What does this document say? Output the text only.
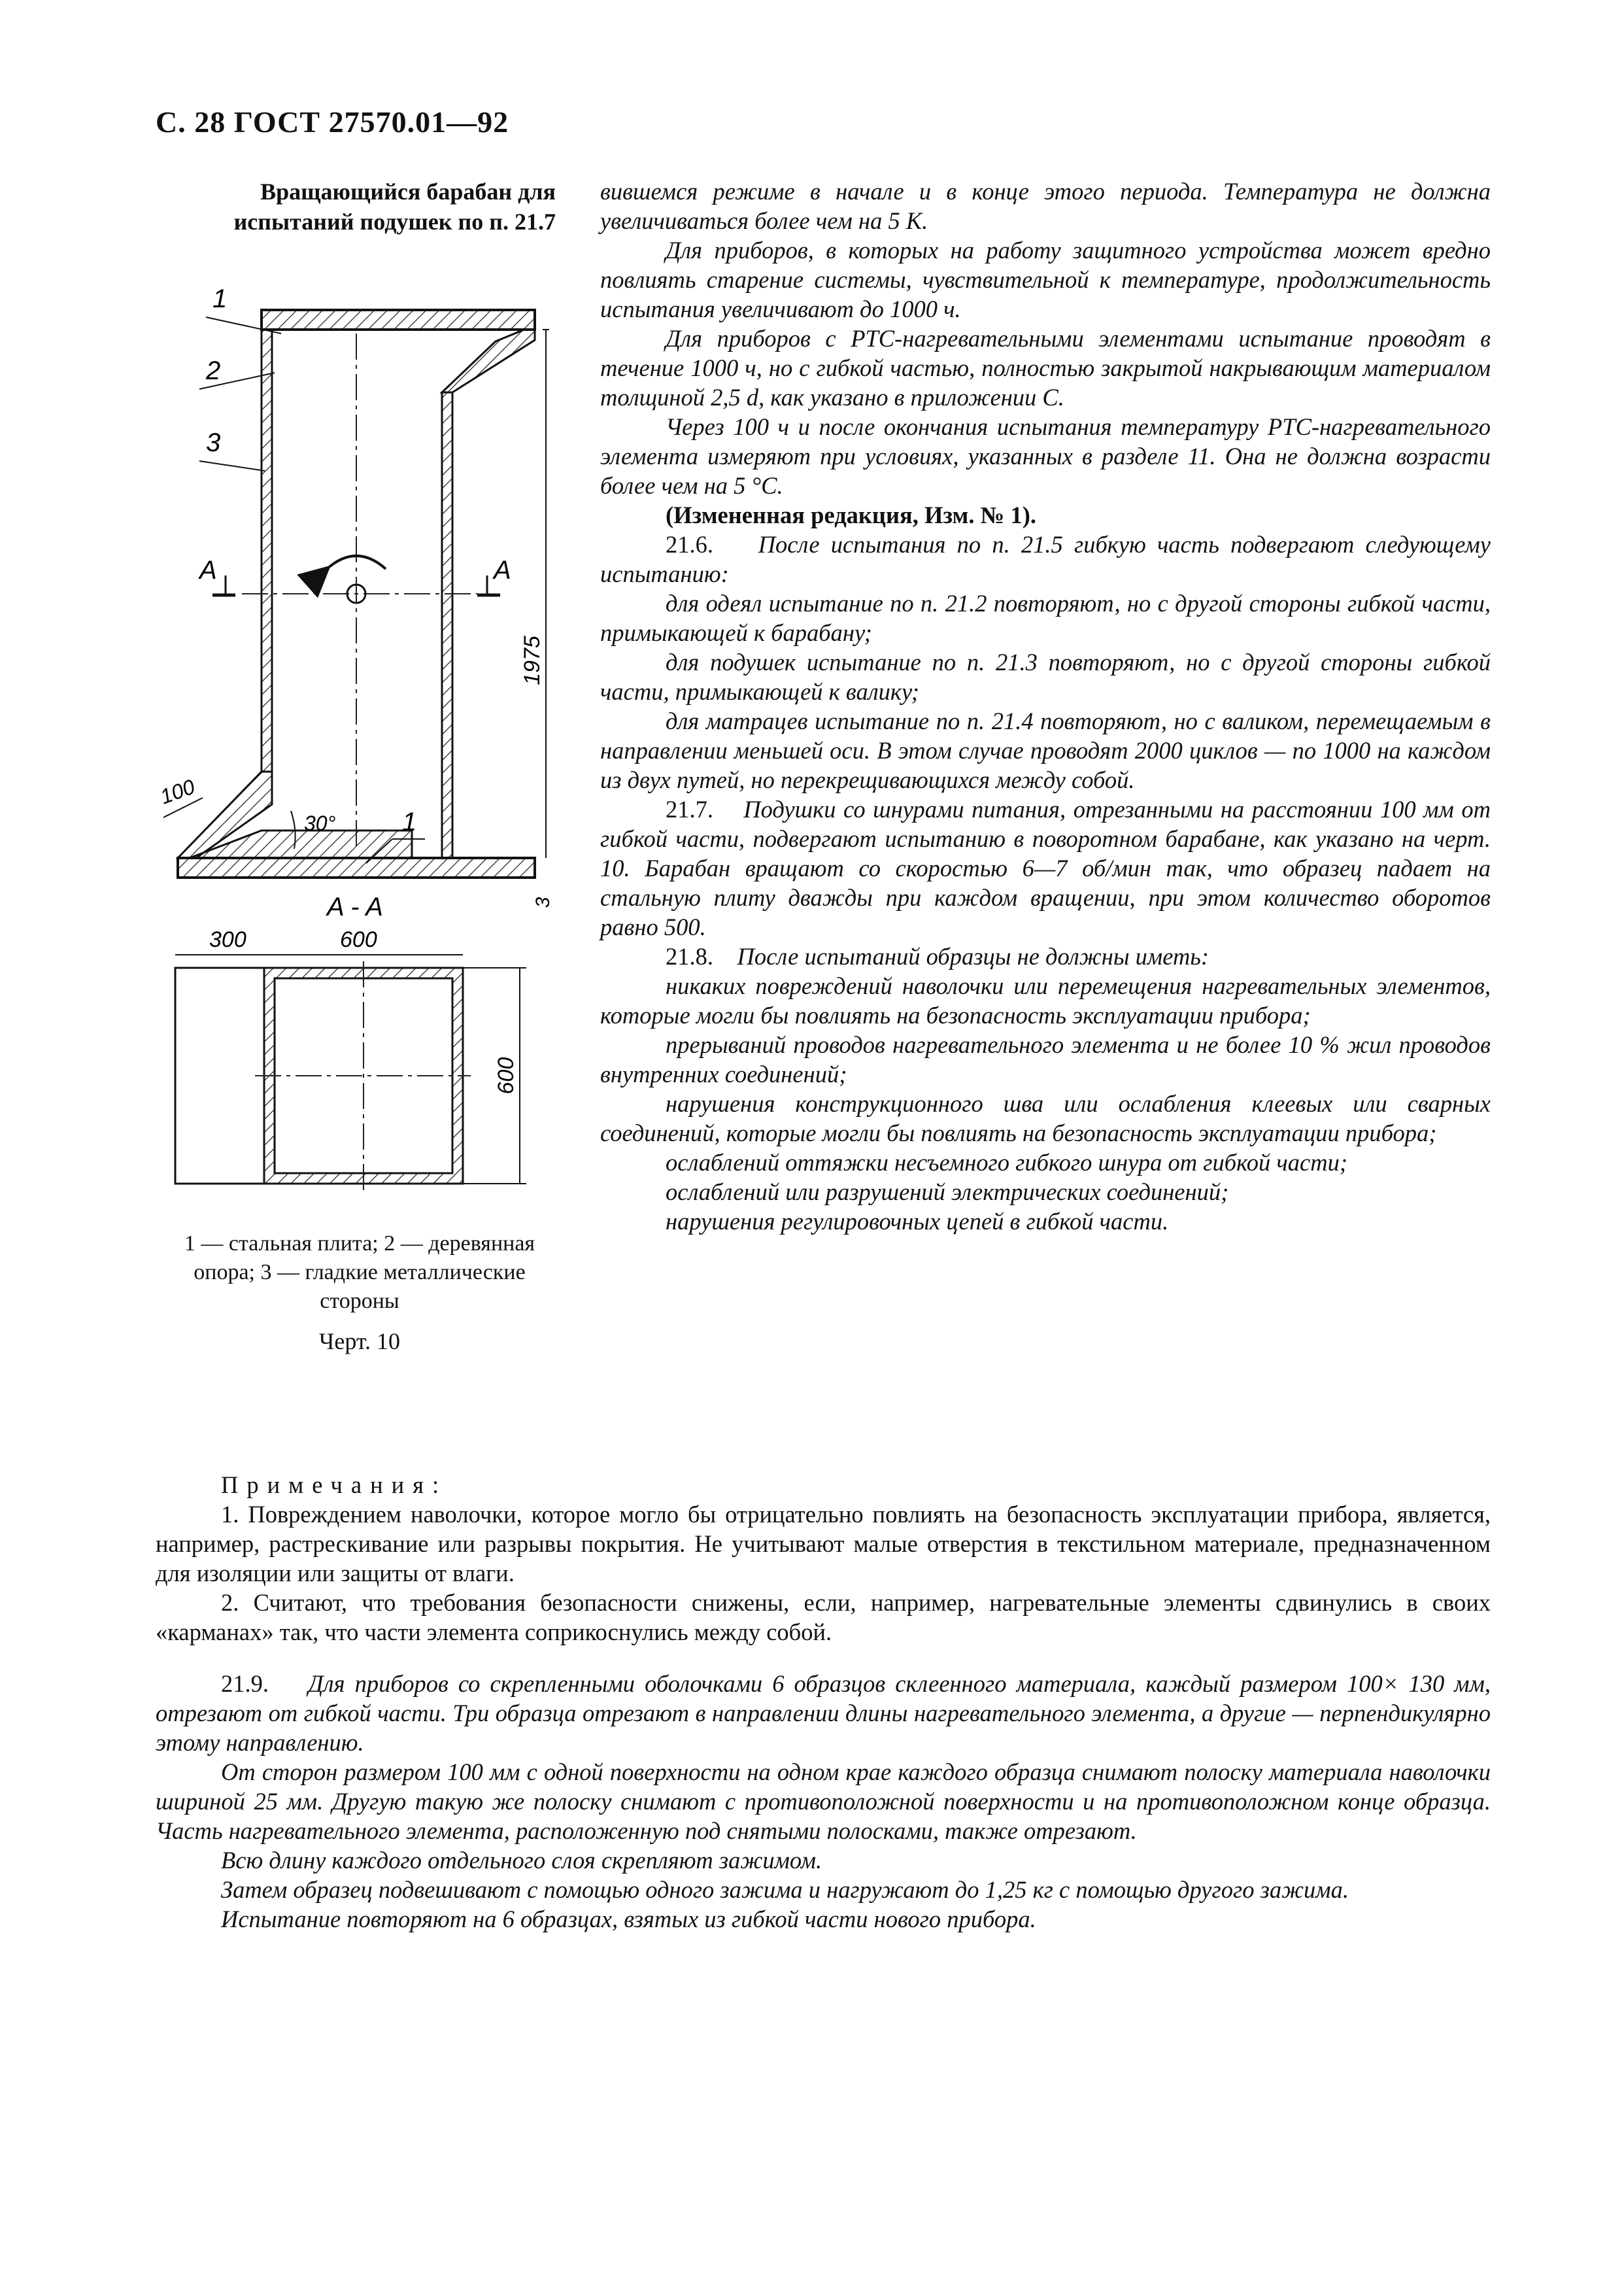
С. 28 ГОСТ 27570.01—92
Вращающийся барабан для
испытаний подушек по п. 21.7
A	A
1
2
3
1
1975
3
100
30°
A - A
300	600
600
1 — стальная плита; 2 — деревянная опора; 3 — гладкие металлические стороны
Черт. 10

вившемся режиме в начале и в конце этого периода. Температура не должна увеличиваться более чем на 5 K.

Для приборов, в которых на работу защитного устройства может вредно повлиять старение системы, чувствительной к температуре, продолжительность испытания увеличивают до 1000 ч.

Для приборов с PTC-нагревательными элементами испытание проводят в течение 1000 ч, но с гибкой частью, полностью закрытой накрывающим материалом толщиной 2,5 d, как указано в приложении С.

Через 100 ч и после окончания испытания температуру PTC-нагревательного элемента измеряют при условиях, указанных в разделе 11. Она не должна возрасти более чем на 5 °С.

(Измененная редакция, Изм. № 1).

21.6. После испытания по п. 21.5 гибкую часть подвергают следующему испытанию:

для одеял испытание по п. 21.2 повторяют, но с другой стороны гибкой части, примыкающей к барабану;

для подушек испытание по п. 21.3 повторяют, но с другой стороны гибкой части, примыкающей к валику;

для матрацев испытание по п. 21.4 повторяют, но с валиком, перемещаемым в направлении меньшей оси. В этом случае проводят 2000 циклов — по 1000 на каждом из двух путей, но перекрещивающихся между собой.

21.7. Подушки со шнурами питания, отрезанными на расстоянии 100 мм от гибкой части, подвергают испытанию в поворотном барабане, как указано на черт. 10. Барабан вращают со скоростью 6—7 об/мин так, что образец падает на стальную плиту дважды при каждом вращении, при этом количество оборотов равно 500.

21.8. После испытаний образцы не должны иметь:

никаких повреждений наволочки или перемещения нагревательных элементов, которые могли бы повлиять на безопасность эксплуатации прибора;

прерываний проводов нагревательного элемента и не более 10 % жил проводов внутренних соединений;

нарушения конструкционного шва или ослабления клеевых или сварных соединений, которые могли бы повлиять на безопасность эксплуатации прибора;

ослаблений оттяжки несъемного гибкого шнура от гибкой части;

ослаблений или разрушений электрических соединений;

нарушения регулировочных цепей в гибкой части.

Примечания:

1. Повреждением наволочки, которое могло бы отрицательно повлиять на безопасность эксплуатации прибора, является, например, растрескивание или разрывы покрытия. Не учитывают малые отверстия в текстильном материале, предназначенном для изоляции или защиты от влаги.

2. Считают, что требования безопасности снижены, если, например, нагревательные элементы сдвинулись в своих «карманах» так, что части элемента соприкоснулись между собой.

21.9. Для приборов со скрепленными оболочками 6 образцов склеенного материала, каждый размером 100× 130 мм, отрезают от гибкой части. Три образца отрезают в направлении длины нагревательного элемента, а другие — перпендикулярно этому направлению.

От сторон размером 100 мм с одной поверхности на одном крае каждого образца снимают полоску материала наволочки шириной 25 мм. Другую такую же полоску снимают с противоположной поверхности и на противоположном конце образца. Часть нагревательного элемента, расположенную под снятыми полосками, также отрезают.

Всю длину каждого отдельного слоя скрепляют зажимом.

Затем образец подвешивают с помощью одного зажима и нагружают до 1,25 кг с помощью другого зажима.

Испытание повторяют на 6 образцах, взятых из гибкой части нового прибора.
